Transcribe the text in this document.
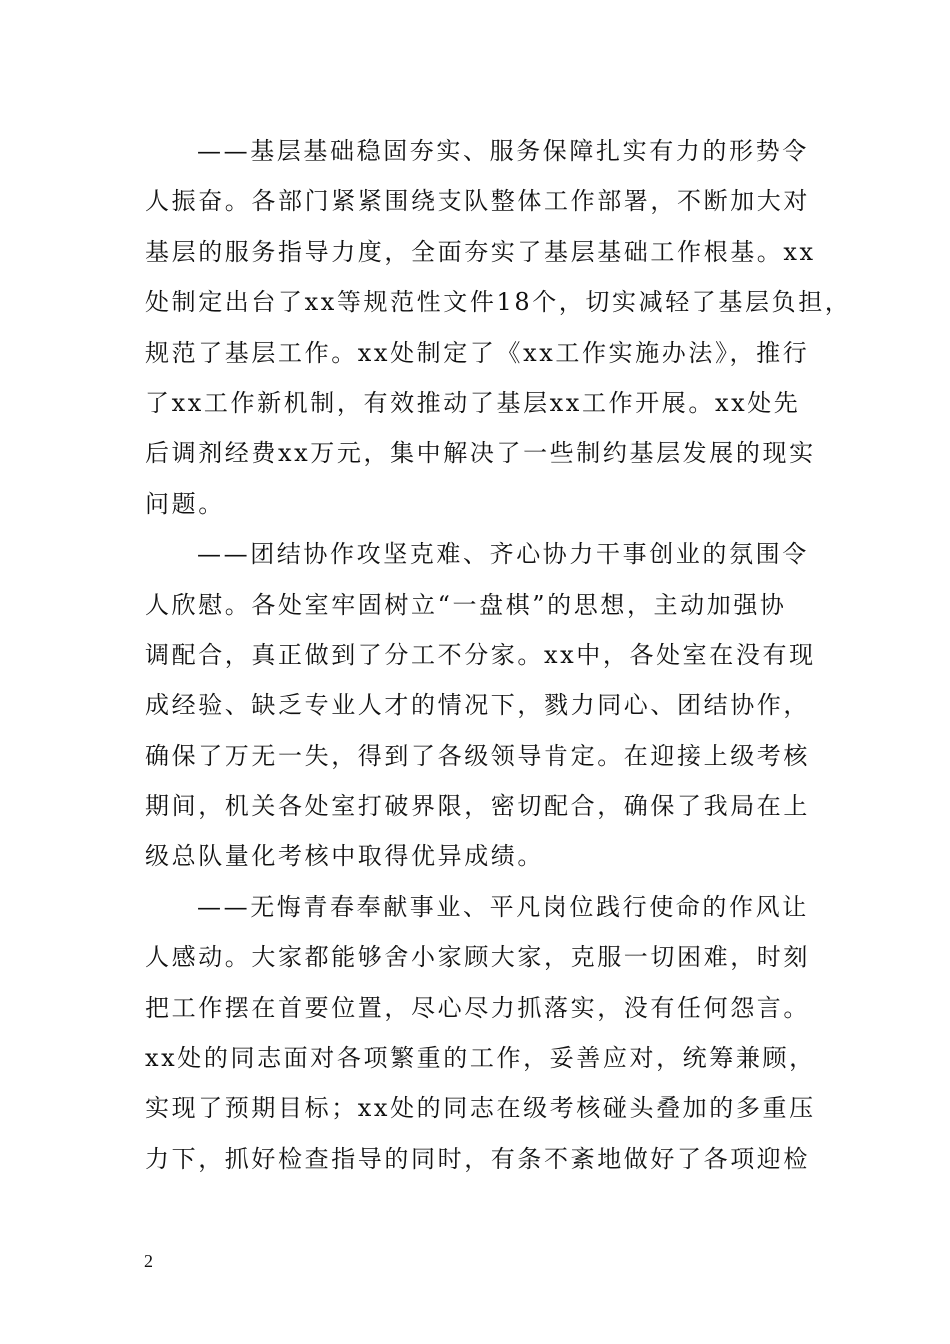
——基层基础稳固夯实、服务保障扎实有力的形势令
人振奋。各部门紧紧围绕支队整体工作部署，不断加大对
基层的服务指导力度，全面夯实了基层基础工作根基。xx
处制定出台了xx等规范性文件18个，切实减轻了基层负担，
规范了基层工作。xx处制定了《xx工作实施办法》，推行
了xx工作新机制，有效推动了基层xx工作开展。xx处先
后调剂经费xx万元，集中解决了一些制约基层发展的现实
问题。
——团结协作攻坚克难、齐心协力干事创业的氛围令
人欣慰。各处室牢固树立“一盘棋”的思想，主动加强协
调配合，真正做到了分工不分家。xx中，各处室在没有现
成经验、缺乏专业人才的情况下，戮力同心、团结协作，
确保了万无一失，得到了各级领导肯定。在迎接上级考核
期间，机关各处室打破界限，密切配合，确保了我局在上
级总队量化考核中取得优异成绩。
——无悔青春奉献事业、平凡岗位践行使命的作风让
人感动。大家都能够舍小家顾大家，克服一切困难，时刻
把工作摆在首要位置，尽心尽力抓落实，没有任何怨言。
xx处的同志面对各项繁重的工作，妥善应对，统筹兼顾，
实现了预期目标；xx处的同志在级考核碰头叠加的多重压
力下，抓好检查指导的同时，有条不紊地做好了各项迎检
2
